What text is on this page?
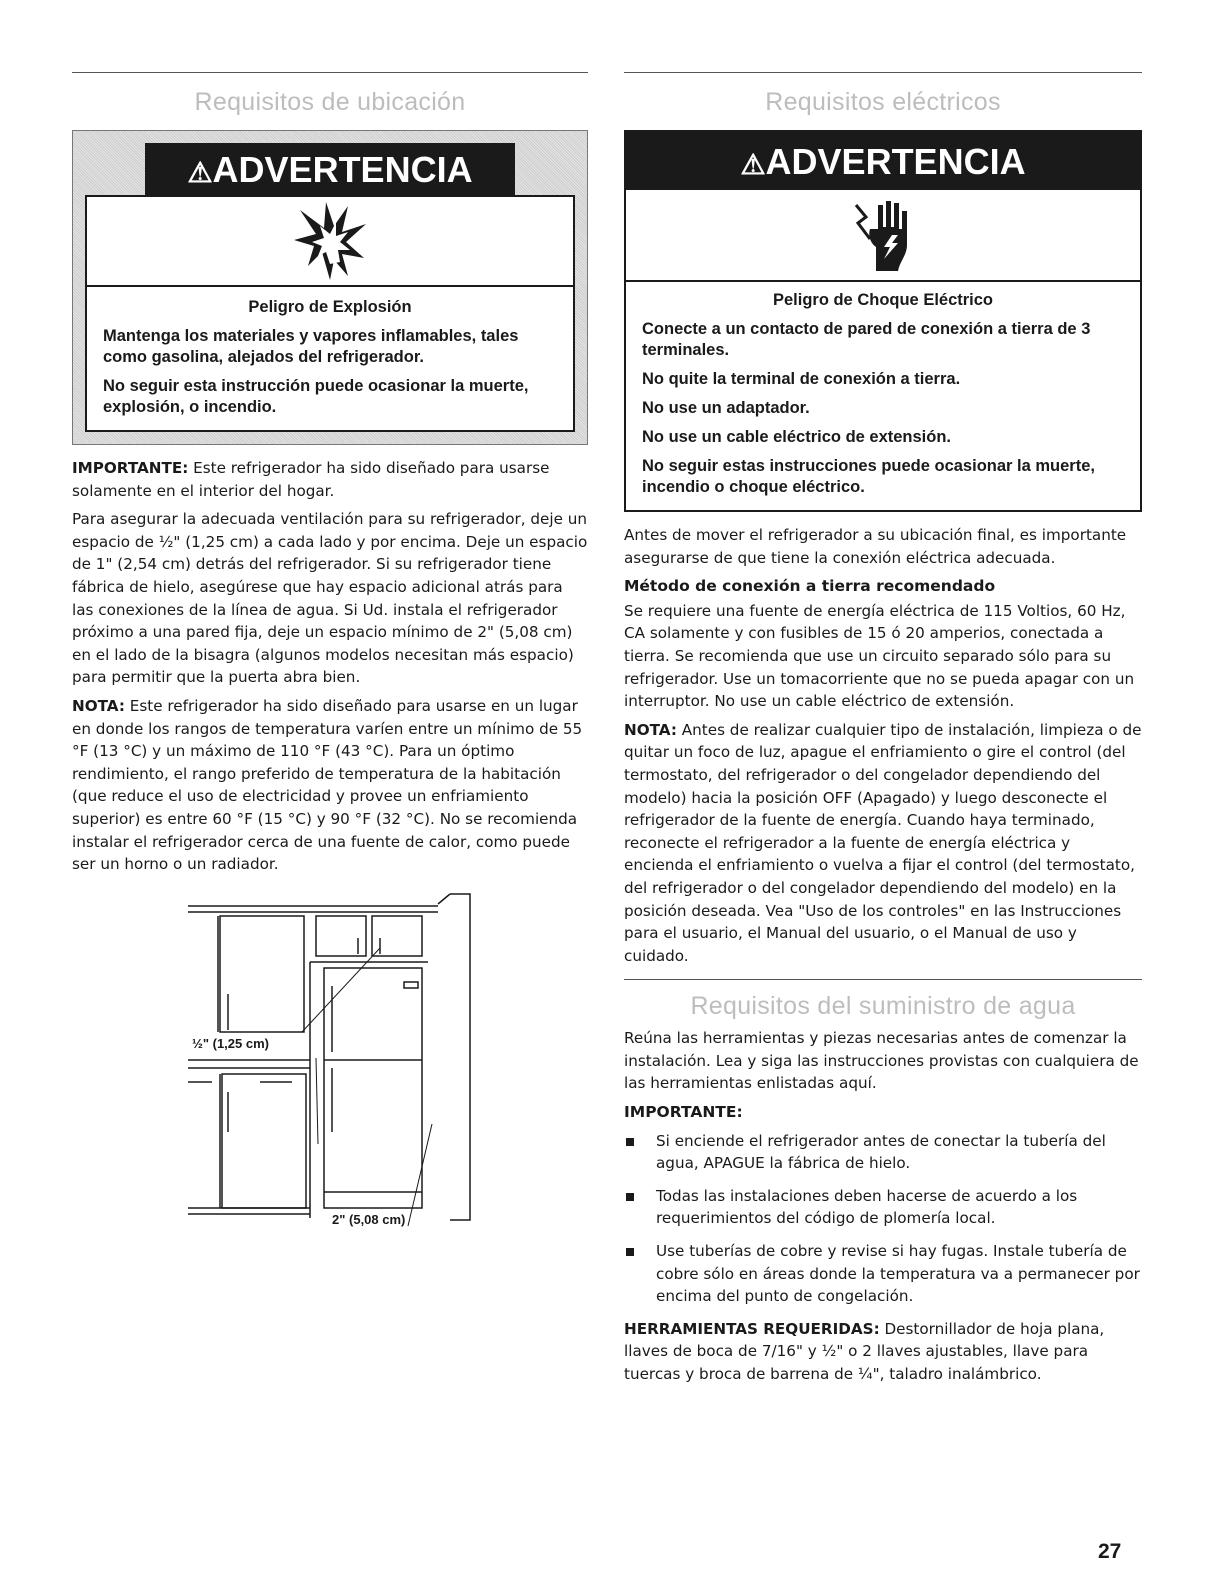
Requisitos de ubicación
⚠ADVERTENCIA
Peligro de Explosión

Mantenga los materiales y vapores inflamables, tales como gasolina, alejados del refrigerador.

No seguir esta instrucción puede ocasionar la muerte, explosión, o incendio.

IMPORTANTE: Este refrigerador ha sido diseñado para usarse solamente en el interior del hogar.

Para asegurar la adecuada ventilación para su refrigerador, deje un espacio de ½" (1,25 cm) a cada lado y por encima. Deje un espacio de 1" (2,54 cm) detrás del refrigerador. Si su refrigerador tiene fábrica de hielo, asegúrese que hay espacio adicional atrás para las conexiones de la línea de agua. Si Ud. instala el refrigerador próximo a una pared fija, deje un espacio mínimo de 2" (5,08 cm) en el lado de la bisagra (algunos modelos necesitan más espacio) para permitir que la puerta abra bien.

NOTA: Este refrigerador ha sido diseñado para usarse en un lugar en donde los rangos de temperatura varíen entre un mínimo de 55 °F (13 °C) y un máximo de 110 °F (43 °C). Para un óptimo rendimiento, el rango preferido de temperatura de la habitación (que reduce el uso de electricidad y provee un enfriamiento superior) es entre 60 °F (15 °C) y 90 °F (32 °C). No se recomienda instalar el refrigerador cerca de una fuente de calor, como puede ser un horno o un radiador.

½" (1,25 cm)
2" (5,08 cm)
Requisitos eléctricos
⚠ADVERTENCIA
Peligro de Choque Eléctrico

Conecte a un contacto de pared de conexión a tierra de 3 terminales.

No quite la terminal de conexión a tierra.

No use un adaptador.

No use un cable eléctrico de extensión.

No seguir estas instrucciones puede ocasionar la muerte, incendio o choque eléctrico.

Antes de mover el refrigerador a su ubicación final, es importante asegurarse de que tiene la conexión eléctrica adecuada.

Método de conexión a tierra recomendado

Se requiere una fuente de energía eléctrica de 115 Voltios, 60 Hz, CA solamente y con fusibles de 15 ó 20 amperios, conectada a tierra. Se recomienda que use un circuito separado sólo para su refrigerador. Use un tomacorriente que no se pueda apagar con un interruptor. No use un cable eléctrico de extensión.

NOTA: Antes de realizar cualquier tipo de instalación, limpieza o de quitar un foco de luz, apague el enfriamiento o gire el control (del termostato, del refrigerador o del congelador dependiendo del modelo) hacia la posición OFF (Apagado) y luego desconecte el refrigerador de la fuente de energía. Cuando haya terminado, reconecte el refrigerador a la fuente de energía eléctrica y encienda el enfriamiento o vuelva a fijar el control (del termostato, del refrigerador o del congelador dependiendo del modelo) en la posición deseada. Vea "Uso de los controles" en las Instrucciones para el usuario, el Manual del usuario, o el Manual de uso y cuidado.

Requisitos del suministro de agua

Reúna las herramientas y piezas necesarias antes de comenzar la instalación. Lea y siga las instrucciones provistas con cualquiera de las herramientas enlistadas aquí.

IMPORTANTE:
Si enciende el refrigerador antes de conectar la tubería del agua, APAGUE la fábrica de hielo.
Todas las instalaciones deben hacerse de acuerdo a los requerimientos del código de plomería local.
Use tuberías de cobre y revise si hay fugas. Instale tubería de cobre sólo en áreas donde la temperatura va a permanecer por encima del punto de congelación.

HERRAMIENTAS REQUERIDAS: Destornillador de hoja plana, llaves de boca de 7/16" y ½" o 2 llaves ajustables, llave para tuercas y broca de barrena de ¼", taladro inalámbrico.

27
